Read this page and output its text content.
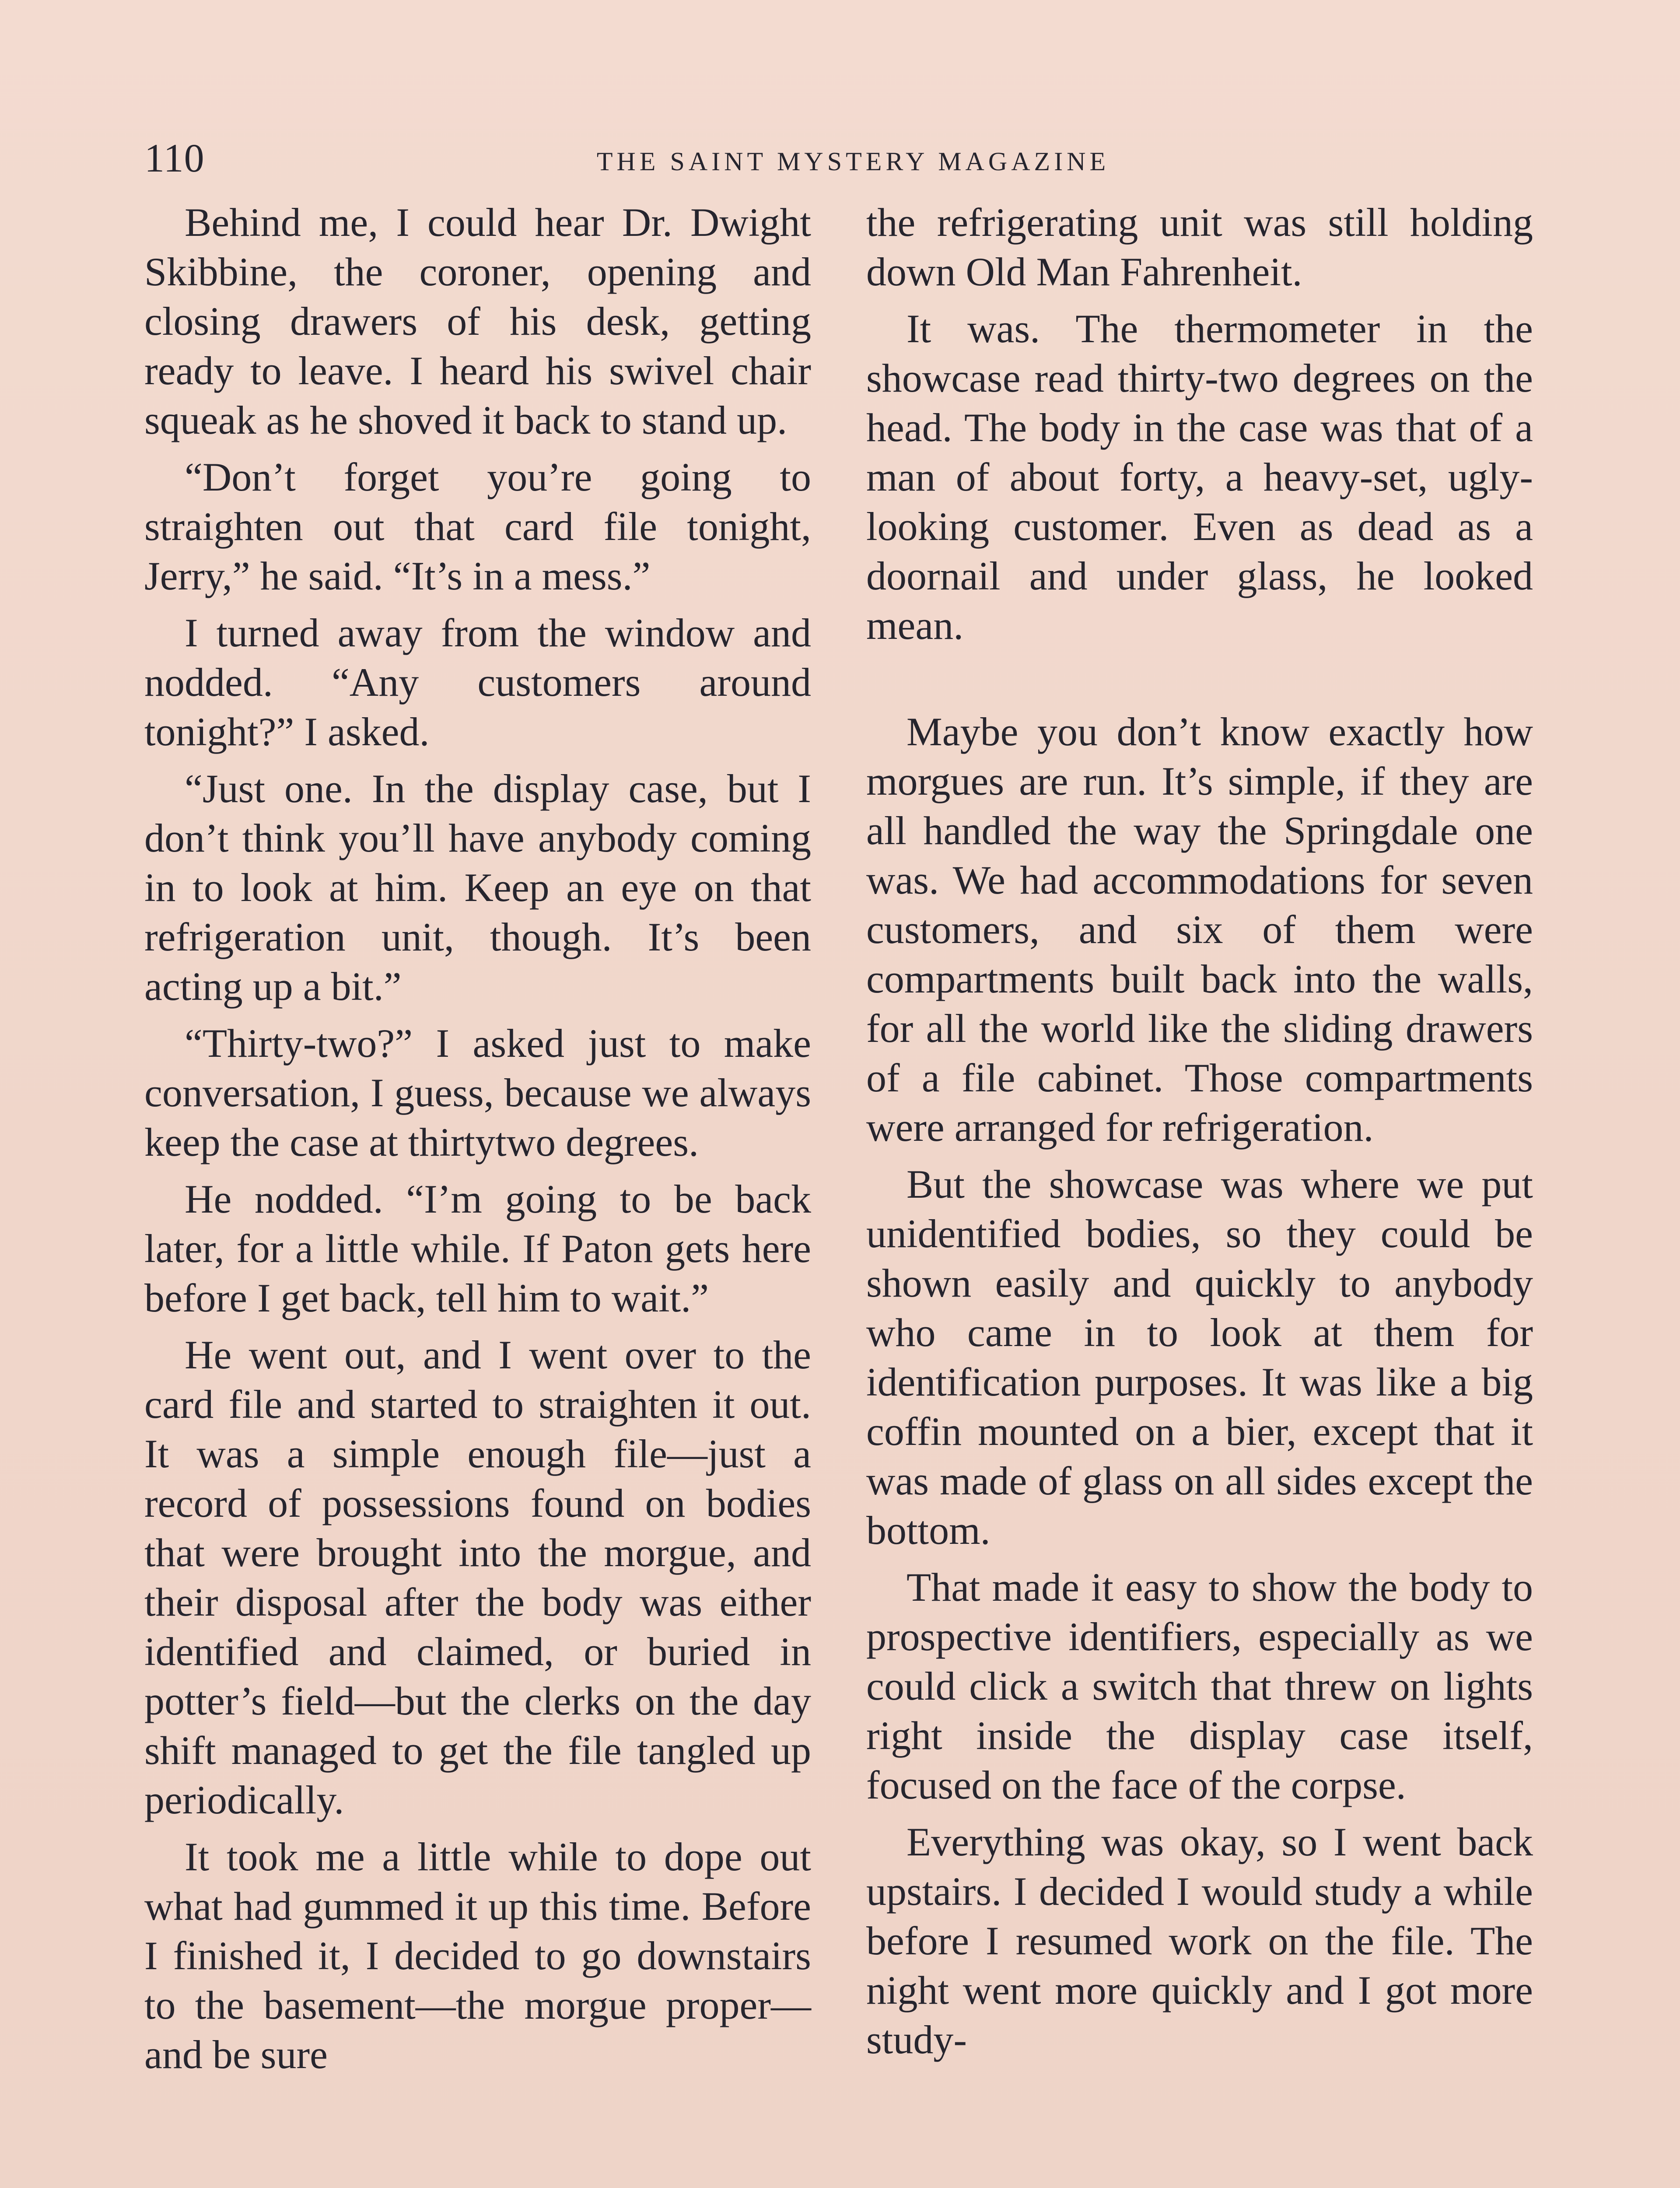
110	THE SAINT MYSTERY MAGAZINE

Behind me, I could hear Dr. Dwight Skibbine, the coroner, opening and closing drawers of his desk, getting ready to leave. I heard his swivel chair squeak as he shoved it back to stand up.

“Don’t forget you’re going to straighten out that card file tonight, Jerry,” he said. “It’s in a mess.”

I turned away from the window and nodded. “Any customers around tonight?” I asked.

“Just one. In the display case, but I don’t think you’ll have anybody coming in to look at him. Keep an eye on that refrigeration unit, though. It’s been acting up a bit.”

“Thirty-two?” I asked just to make conversation, I guess, because we always keep the case at thirtytwo degrees.

He nodded. “I’m going to be back later, for a little while. If Paton gets here before I get back, tell him to wait.”

He went out, and I went over to the card file and started to straighten it out. It was a simple enough file—just a record of possessions found on bodies that were brought into the morgue, and their disposal after the body was either identified and claimed, or buried in potter’s field—but the clerks on the day shift managed to get the file tangled up periodically.

It took me a little while to dope out what had gummed it up this time. Before I finished it, I decided to go downstairs to the basement—the morgue proper—and be sure

the refrigerating unit was still holding down Old Man Fahrenheit.

It was. The thermometer in the showcase read thirty-two degrees on the head. The body in the case was that of a man of about forty, a heavy-set, ugly-looking customer. Even as dead as a doornail and under glass, he looked mean.

Maybe you don’t know exactly how morgues are run. It’s simple, if they are all handled the way the Springdale one was. We had accommodations for seven customers, and six of them were compartments built back into the walls, for all the world like the sliding drawers of a file cabinet. Those compartments were arranged for refrigeration.

But the showcase was where we put unidentified bodies, so they could be shown easily and quickly to anybody who came in to look at them for identification purposes. It was like a big coffin mounted on a bier, except that it was made of glass on all sides except the bottom.

That made it easy to show the body to prospective identifiers, especially as we could click a switch that threw on lights right inside the display case itself, focused on the face of the corpse.

Everything was okay, so I went back upstairs. I decided I would study a while before I resumed work on the file. The night went more quickly and I got more study-
